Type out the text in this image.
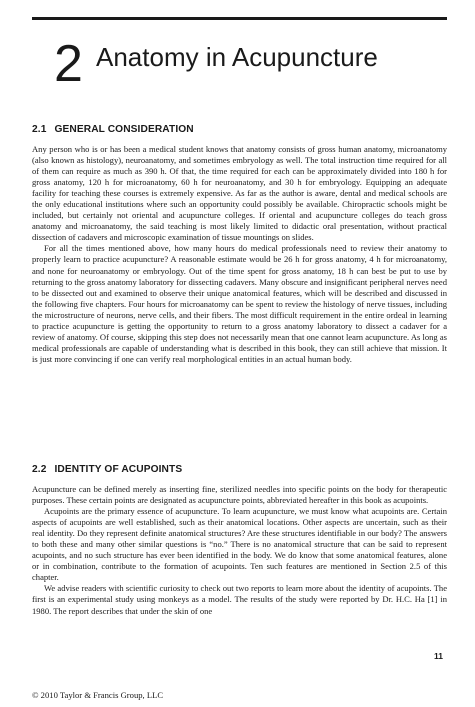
2 Anatomy in Acupuncture
2.1 GENERAL CONSIDERATION

Any person who is or has been a medical student knows that anatomy consists of gross human anatomy, microanatomy (also known as histology), neuroanatomy, and sometimes embryology as well. The total instruction time required for all of them can require as much as 390 h. Of that, the time required for each can be approximately divided into 180 h for gross anatomy, 120 h for microanatomy, 60 h for neuroanatomy, and 30 h for embryology. Equipping an adequate facility for teaching these courses is extremely expensive. As far as the author is aware, dental and medical schools are the only educational institutions where such an opportunity could possibly be available. Chiropractic schools might be included, but certainly not oriental and acupuncture colleges. If oriental and acupuncture colleges do teach gross anatomy and microanatomy, the said teaching is most likely limited to didactic oral presentation, without practical dissection of cadavers and microscopic examination of tissue mountings on slides.

For all the times mentioned above, how many hours do medical professionals need to review their anatomy to properly learn to practice acupuncture? A reasonable estimate would be 26 h for gross anatomy, 4 h for microanatomy, and none for neuroanatomy or embryology. Out of the time spent for gross anatomy, 18 h can best be put to use by returning to the gross anatomy laboratory for dissecting cadavers. Many obscure and insignificant peripheral nerves need to be dissected out and examined to observe their unique anatomical features, which will be described and discussed in the following five chapters. Four hours for microanatomy can be spent to review the histology of nerve tissues, including the microstructure of neurons, nerve cells, and their fibers. The most difficult requirement in the entire ordeal in learning to practice acupuncture is getting the opportunity to return to a gross anatomy laboratory to dissect a cadaver for a review of anatomy. Of course, skipping this step does not necessarily mean that one cannot learn acupuncture. As long as medical professionals are capable of understanding what is described in this book, they can still achieve that mission. It is just more convincing if one can verify real morphological entities in an actual human body.

2.2 IDENTITY OF ACUPOINTS

Acupuncture can be defined merely as inserting fine, sterilized needles into specific points on the body for therapeutic purposes. These certain points are designated as acupuncture points, abbreviated hereafter in this book as acupoints.

Acupoints are the primary essence of acupuncture. To learn acupuncture, we must know what acupoints are. Certain aspects of acupoints are well established, such as their anatomical locations. Other aspects are uncertain, such as their real identity. Do they represent definite anatomical structures? Are these structures identifiable in our body? The answers to both these and many other similar questions is “no.” There is no anatomical structure that can be said to represent acupoints, and no such structure has ever been identified in the body. We do know that some anatomical features, alone or in combination, contribute to the formation of acupoints. Ten such features are mentioned in Section 2.5 of this chapter.

We advise readers with scientific curiosity to check out two reports to learn more about the identity of acupoints. The first is an experimental study using monkeys as a model. The results of the study were reported by Dr. H.C. Ha [1] in 1980. The report describes that under the skin of one

11
© 2010 Taylor & Francis Group, LLC
